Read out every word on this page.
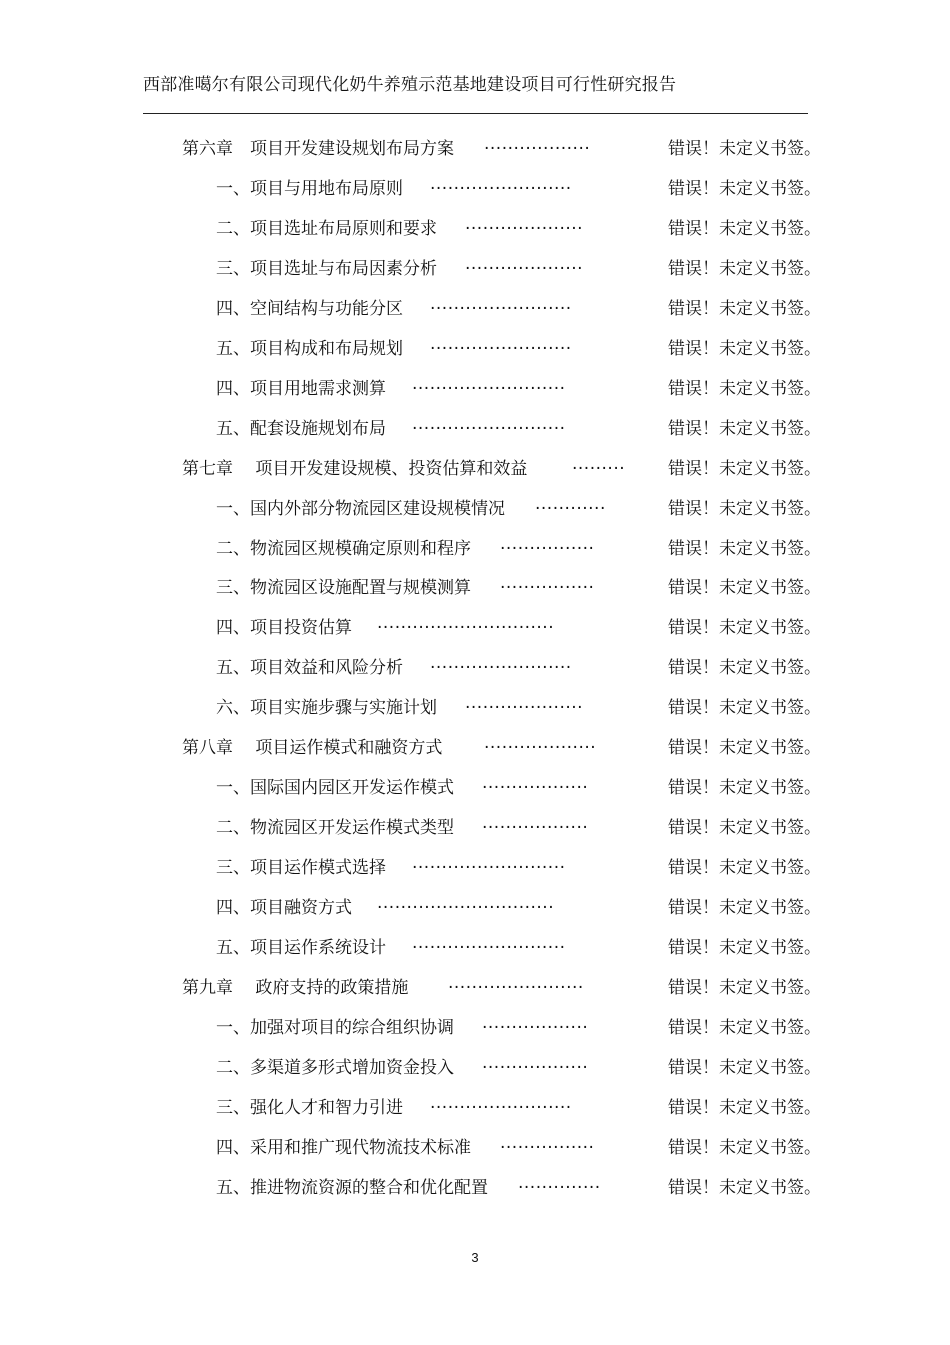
西部准噶尔有限公司现代化奶牛养殖示范基地建设项目可行性研究报告
第六章　项目开发建设规划布局方案 ..................	错误！未定义书签。
一、项目与用地布局原则 ........................	错误！未定义书签。
二、项目选址布局原则和要求 ....................	错误！未定义书签。
三、项目选址与布局因素分析 ....................	错误！未定义书签。
四、空间结构与功能分区 ........................	错误！未定义书签。
五、项目构成和布局规划 ........................	错误！未定义书签。
四、项目用地需求测算 ..........................	错误！未定义书签。
五、配套设施规划布局 ..........................	错误！未定义书签。
第七章　 项目开发建设规模、投资估算和效益	.........	错误！未定义书签。
一、国内外部分物流园区建设规模情况 ............	错误！未定义书签。
二、物流园区规模确定原则和程序 ................	错误！未定义书签。
三、物流园区设施配置与规模测算 ................	错误！未定义书签。
四、项目投资估算 ..............................	错误！未定义书签。
五、项目效益和风险分析 ........................	错误！未定义书签。
六、项目实施步骤与实施计划 ....................	错误！未定义书签。
第八章　 项目运作模式和融资方式 ...................	错误！未定义书签。
一、国际国内园区开发运作模式 ..................	错误！未定义书签。
二、物流园区开发运作模式类型 ..................	错误！未定义书签。
三、项目运作模式选择 ..........................	错误！未定义书签。
四、项目融资方式 ..............................	错误！未定义书签。
五、项目运作系统设计 ..........................	错误！未定义书签。
第九章　 政府支持的政策措施 .......................	错误！未定义书签。
一、加强对项目的综合组织协调 ..................	错误！未定义书签。
二、多渠道多形式增加资金投入 ..................	错误！未定义书签。
三、强化人才和智力引进 ........................	错误！未定义书签。
四、采用和推广现代物流技术标准 ................	错误！未定义书签。
五、推进物流资源的整合和优化配置 ..............	错误！未定义书签。
3
